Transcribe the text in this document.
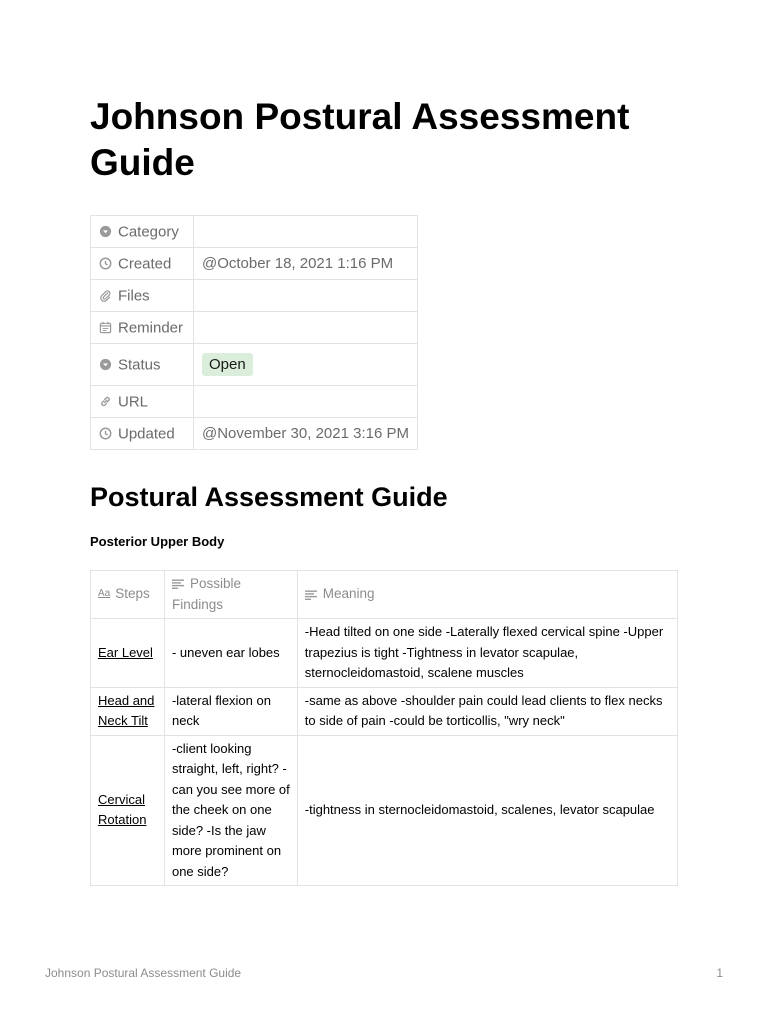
Johnson Postural Assessment Guide
Category	
Created	@October 18, 2021 1:16 PM
Files	
Reminder	
Status	Open
URL	
Updated	@November 30, 2021 3:16 PM
Postural Assessment Guide
Posterior Upper Body
Aa Steps	Possible Findings	Meaning
Ear Level	- uneven ear lobes	-Head tilted on one side -Laterally flexed cervical spine -Upper trapezius is tight -Tightness in levator scapulae, sternocleidomastoid, scalene muscles
Head and Neck Tilt	-lateral flexion on neck	-same as above -shoulder pain could lead clients to flex necks to side of pain -could be torticollis, "wry neck"
Cervical Rotation	-client looking straight, left, right? -can you see more of the cheek on one side? -Is the jaw more prominent on one side?	-tightness in sternocleidomastoid, scalenes, levator scapulae
Johnson Postural Assessment Guide	1
